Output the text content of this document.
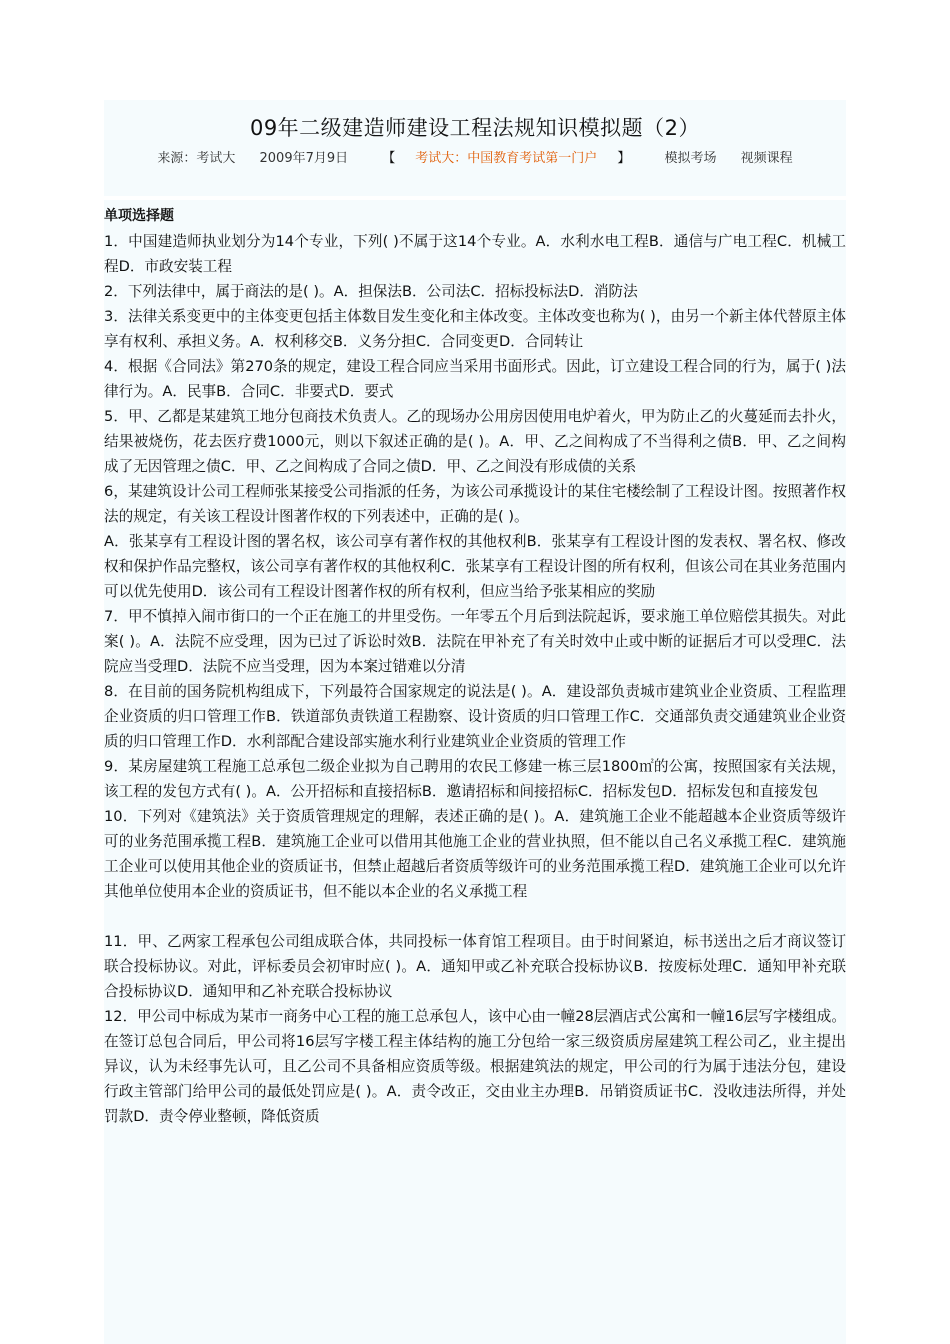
09年二级建造师建设工程法规知识模拟题（2）
来源：考试大 2009年7月9日	【 考试大：中国教育考试第一门户 】	模拟考场 视频课程
单项选择题

1．中国建造师执业划分为14个专业，下列( )不属于这14个专业。A．水利水电工程B．通信与广电工程C．机械工程D．市政安装工程

2．下列法律中，属于商法的是( )。A．担保法B．公司法C．招标投标法D．消防法

3．法律关系变更中的主体变更包括主体数目发生变化和主体改变。主体改变也称为( )，由另一个新主体代替原主体享有权利、承担义务。A．权利移交B．义务分担C．合同变更D．合同转让

4．根据《合同法》第270条的规定，建设工程合同应当采用书面形式。因此，订立建设工程合同的行为，属于( )法律行为。A．民事B．合同C．非要式D．要式

5．甲、乙都是某建筑工地分包商技术负责人。乙的现场办公用房因使用电炉着火，甲为防止乙的火蔓延而去扑火，结果被烧伤，花去医疗费1000元，则以下叙述正确的是( )。A．甲、乙之间构成了不当得利之债B．甲、乙之间构成了无因管理之债C．甲、乙之间构成了合同之债D．甲、乙之间没有形成债的关系

6，某建筑设计公司工程师张某接受公司指派的任务，为该公司承揽设计的某住宅楼绘制了工程设计图。按照著作权法的规定，有关该工程设计图著作权的下列表述中，正确的是( )。

A．张某享有工程设计图的署名权，该公司享有著作权的其他权利B．张某享有工程设计图的发表权、署名权、修改权和保护作品完整权，该公司享有著作权的其他权利C．张某享有工程设计图的所有权利，但该公司在其业务范围内可以优先使用D．该公司有工程设计图著作权的所有权利，但应当给予张某相应的奖励

7．甲不慎掉入闹市街口的一个正在施工的井里受伤。一年零五个月后到法院起诉，要求施工单位赔偿其损失。对此案( )。A．法院不应受理，因为已过了诉讼时效B．法院在甲补充了有关时效中止或中断的证据后才可以受理C．法院应当受理D．法院不应当受理，因为本案过错难以分清

8．在目前的国务院机构组成下，下列最符合国家规定的说法是( )。A．建设部负责城市建筑业企业资质、工程监理企业资质的归口管理工作B．铁道部负责铁道工程勘察、设计资质的归口管理工作C．交通部负责交通建筑业企业资质的归口管理工作D．水利部配合建设部实施水利行业建筑业企业资质的管理工作

9．某房屋建筑工程施工总承包二级企业拟为自己聘用的农民工修建一栋三层1800㎡的公寓，按照国家有关法规，该工程的发包方式有( )。A．公开招标和直接招标B．邀请招标和间接招标C．招标发包D．招标发包和直接发包

10．下列对《建筑法》关于资质管理规定的理解，表述正确的是( )。A．建筑施工企业不能超越本企业资质等级许可的业务范围承揽工程B．建筑施工企业可以借用其他施工企业的营业执照，但不能以自己名义承揽工程C．建筑施工企业可以使用其他企业的资质证书，但禁止超越后者资质等级许可的业务范围承揽工程D．建筑施工企业可以允许其他单位使用本企业的资质证书，但不能以本企业的名义承揽工程

11．甲、乙两家工程承包公司组成联合体，共同投标一体育馆工程项目。由于时间紧迫，标书送出之后才商议签订联合投标协议。对此，评标委员会初审时应( )。A．通知甲或乙补充联合投标协议B．按废标处理C．通知甲补充联合投标协议D．通知甲和乙补充联合投标协议

12．甲公司中标成为某市一商务中心工程的施工总承包人，该中心由一幢28层酒店式公寓和一幢16层写字楼组成。在签订总包合同后，甲公司将16层写字楼工程主体结构的施工分包给一家三级资质房屋建筑工程公司乙，业主提出异议，认为未经事先认可，且乙公司不具备相应资质等级。根据建筑法的规定，甲公司的行为属于违法分包，建设行政主管部门给甲公司的最低处罚应是( )。A．责令改正，交由业主办理B．吊销资质证书C．没收违法所得，并处罚款D．责令停业整顿，降低资质
